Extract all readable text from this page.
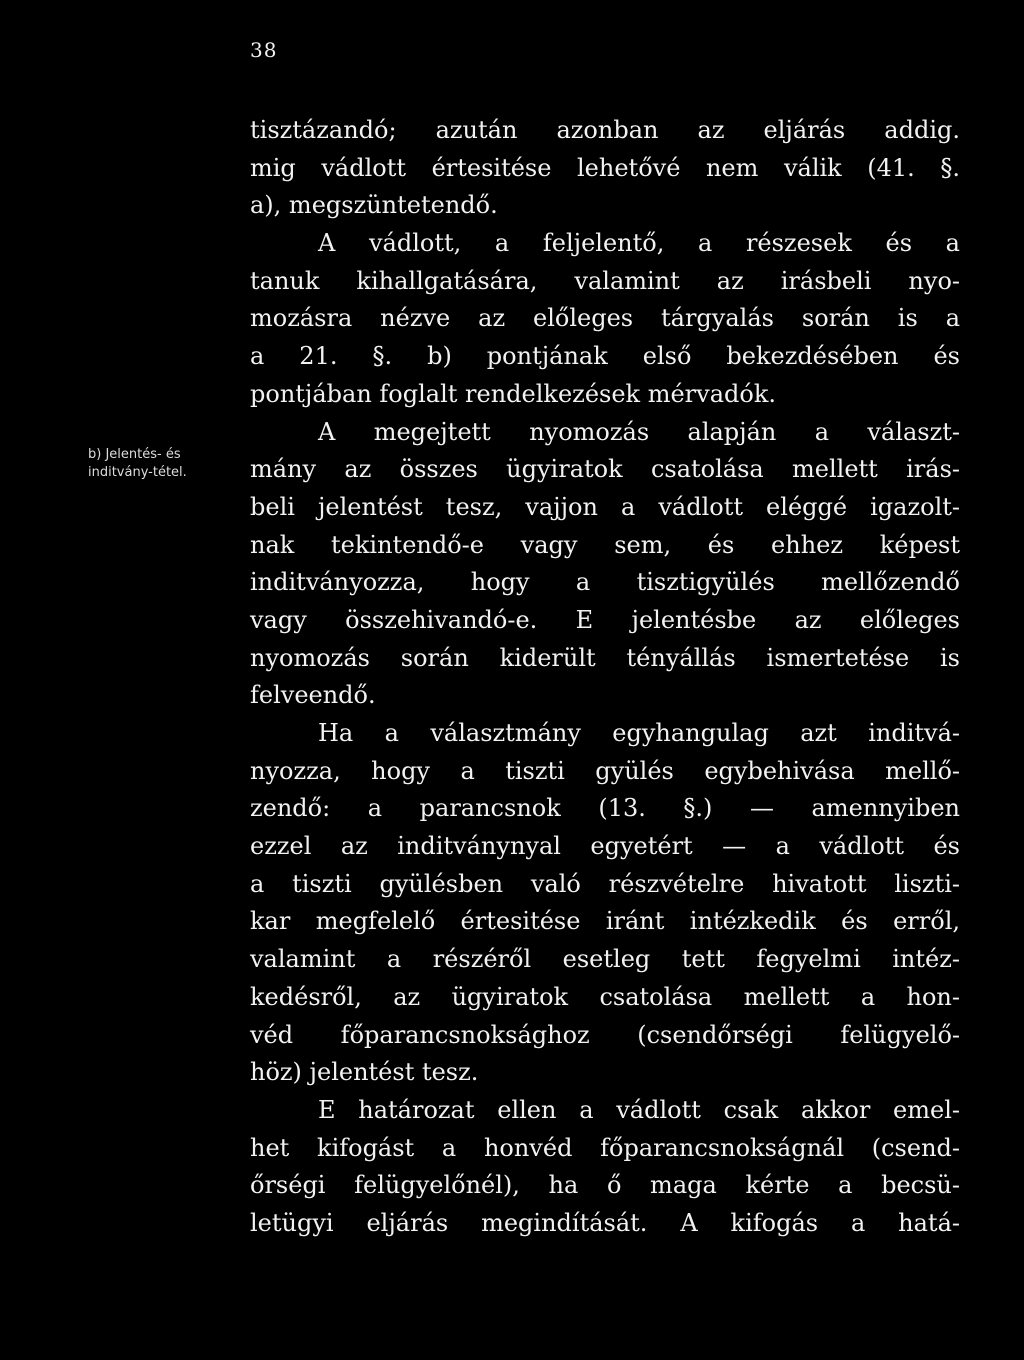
38
b) Jelentés- és
inditvány-tétel.
tisztázandó; azután azonban az eljárás addig.
mig vádlott értesitése lehetővé nem válik (41. §.
a), megszüntetendő.
A vádlott, a feljelentő, a részesek és a
tanuk kihallgatására, valamint az irásbeli nyo-
mozásra nézve az előleges tárgyalás során is a
a 21. §. b) pontjának első bekezdésében és
pontjában foglalt rendelkezések mérvadók.
A megejtett nyomozás alapján a választ-
mány az összes ügyiratok csatolása mellett irás-
beli jelentést tesz, vajjon a vádlott eléggé igazolt-
nak tekintendő-e vagy sem, és ehhez képest
inditványozza, hogy a tisztigyülés mellőzendő
vagy összehivandó-e. E jelentésbe az előleges
nyomozás során kiderült tényállás ismertetése is
felveendő.
Ha a választmány egyhangulag azt inditvá-
nyozza, hogy a tiszti gyülés egybehivása mellő-
zendő: a parancsnok (13. §.) — amennyiben
ezzel az inditványnyal egyetért — a vádlott és
a tiszti gyülésben való részvételre hivatott liszti-
kar megfelelő értesitése iránt intézkedik és erről,
valamint a részéről esetleg tett fegyelmi intéz-
kedésről, az ügyiratok csatolása mellett a hon-
véd főparancsnoksághoz (csendőrségi felügyelő-
höz) jelentést tesz.
E határozat ellen a vádlott csak akkor emel-
het kifogást a honvéd főparancsnokságnál (csend-
őrségi felügyelőnél), ha ő maga kérte a becsü-
letügyi eljárás megindítását. A kifogás a hatá-
